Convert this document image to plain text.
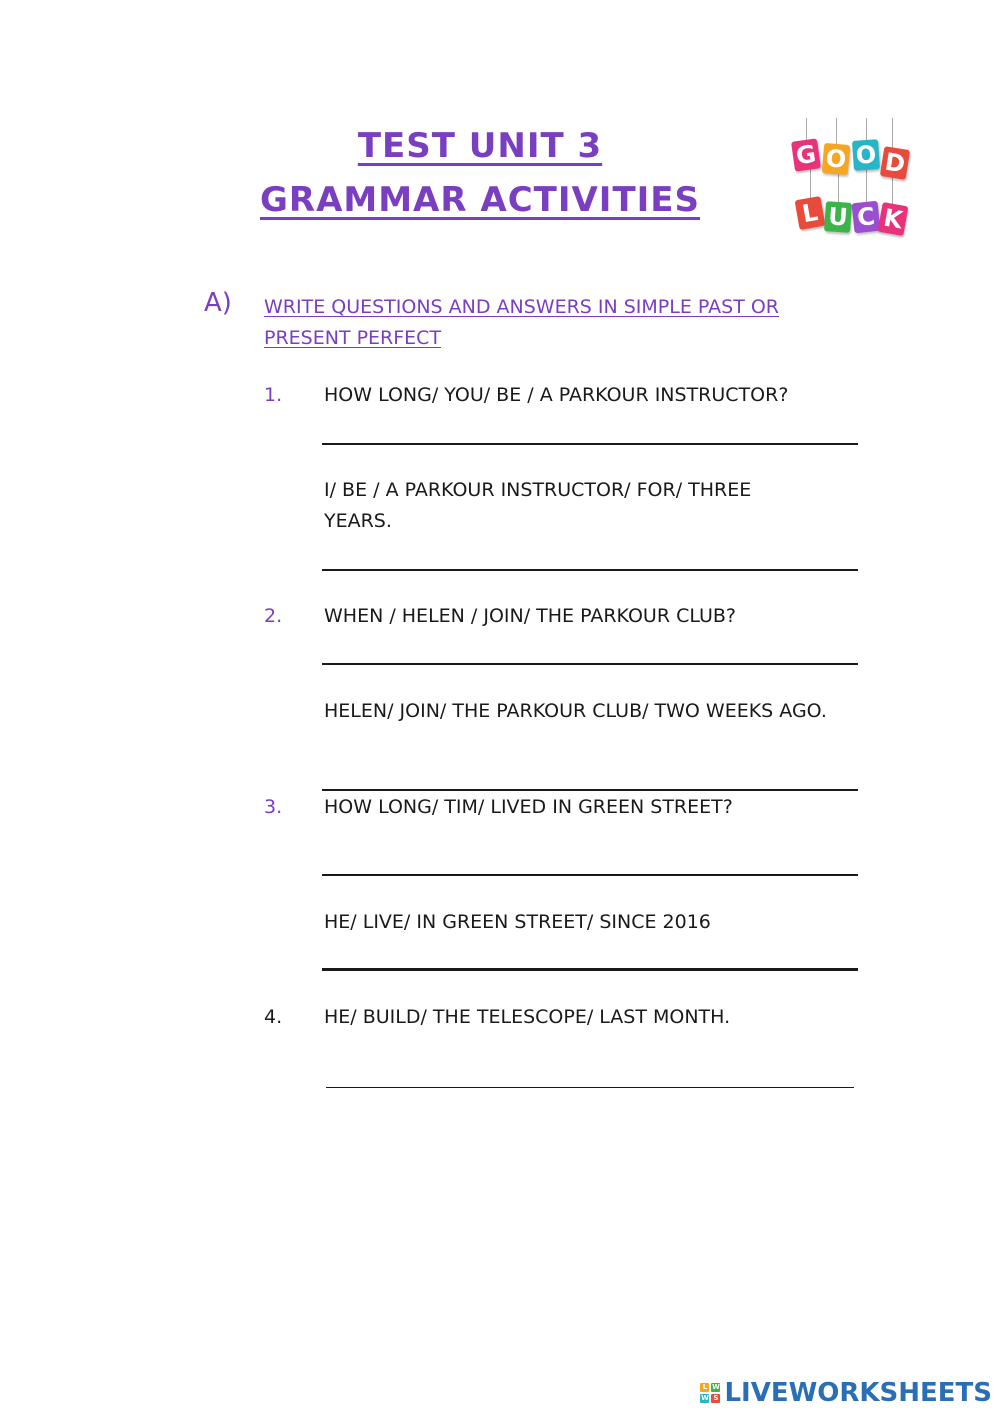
TEST UNIT 3
GRAMMAR ACTIVITIES
G O O D
L U C K
A) WRITE QUESTIONS AND ANSWERS IN SIMPLE PAST OR PRESENT PERFECT
1. HOW LONG/ YOU/ BE / A PARKOUR INSTRUCTOR?
I/ BE / A PARKOUR INSTRUCTOR/ FOR/ THREE YEARS.
2. WHEN / HELEN / JOIN/ THE PARKOUR CLUB?
HELEN/ JOIN/ THE PARKOUR CLUB/ TWO WEEKS AGO.
3. HOW LONG/ TIM/ LIVED IN GREEN STREET?
HE/ LIVE/ IN GREEN STREET/ SINCE 2016
4. HE/ BUILD/ THE TELESCOPE/ LAST MONTH.
L W
W S LIVEWORKSHEETS
